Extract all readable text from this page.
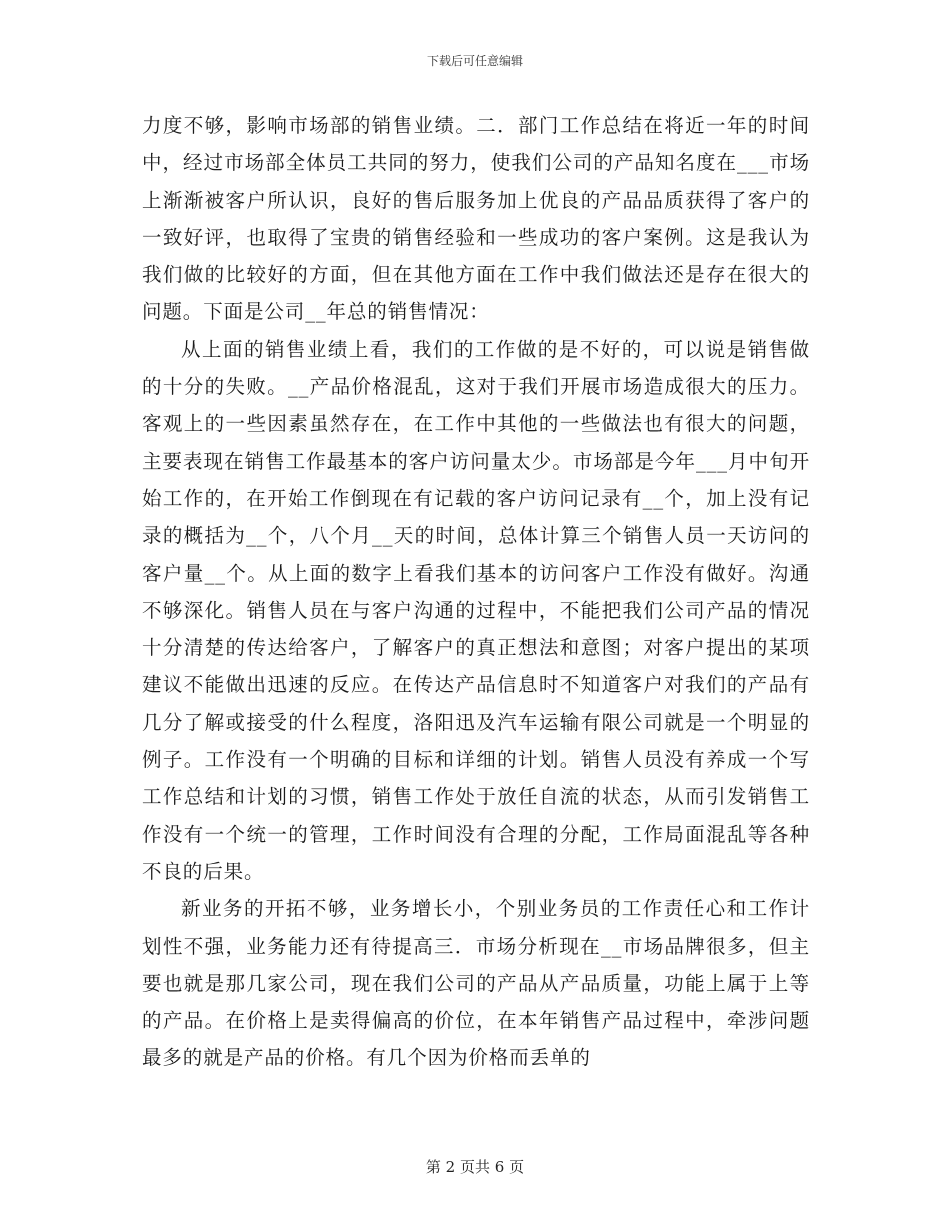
下载后可任意编辑

力度不够，影响市场部的销售业绩。二．部门工作总结在将近一年的时间中，经过市场部全体员工共同的努力，使我们公司的产品知名度在___市场上渐渐被客户所认识，良好的售后服务加上优良的产品品质获得了客户的一致好评，也取得了宝贵的销售经验和一些成功的客户案例。这是我认为我们做的比较好的方面，但在其他方面在工作中我们做法还是存在很大的问题。下面是公司__年总的销售情况：

从上面的销售业绩上看，我们的工作做的是不好的，可以说是销售做的十分的失败。__产品价格混乱，这对于我们开展市场造成很大的压力。客观上的一些因素虽然存在，在工作中其他的一些做法也有很大的问题，主要表现在销售工作最基本的客户访问量太少。市场部是今年___月中旬开始工作的，在开始工作倒现在有记载的客户访问记录有__个，加上没有记录的概括为__个，八个月__天的时间，总体计算三个销售人员一天访问的客户量__个。从上面的数字上看我们基本的访问客户工作没有做好。沟通不够深化。销售人员在与客户沟通的过程中，不能把我们公司产品的情况十分清楚的传达给客户，了解客户的真正想法和意图；对客户提出的某项建议不能做出迅速的反应。在传达产品信息时不知道客户对我们的产品有几分了解或接受的什么程度，洛阳迅及汽车运输有限公司就是一个明显的例子。工作没有一个明确的目标和详细的计划。销售人员没有养成一个写工作总结和计划的习惯，销售工作处于放任自流的状态，从而引发销售工作没有一个统一的管理，工作时间没有合理的分配，工作局面混乱等各种不良的后果。

新业务的开拓不够，业务增长小，个别业务员的工作责任心和工作计划性不强，业务能力还有待提高三．市场分析现在__市场品牌很多，但主要也就是那几家公司，现在我们公司的产品从产品质量，功能上属于上等的产品。在价格上是卖得偏高的价位，在本年销售产品过程中，牵涉问题最多的就是产品的价格。有几个因为价格而丢单的

第 2 页共 6 页
